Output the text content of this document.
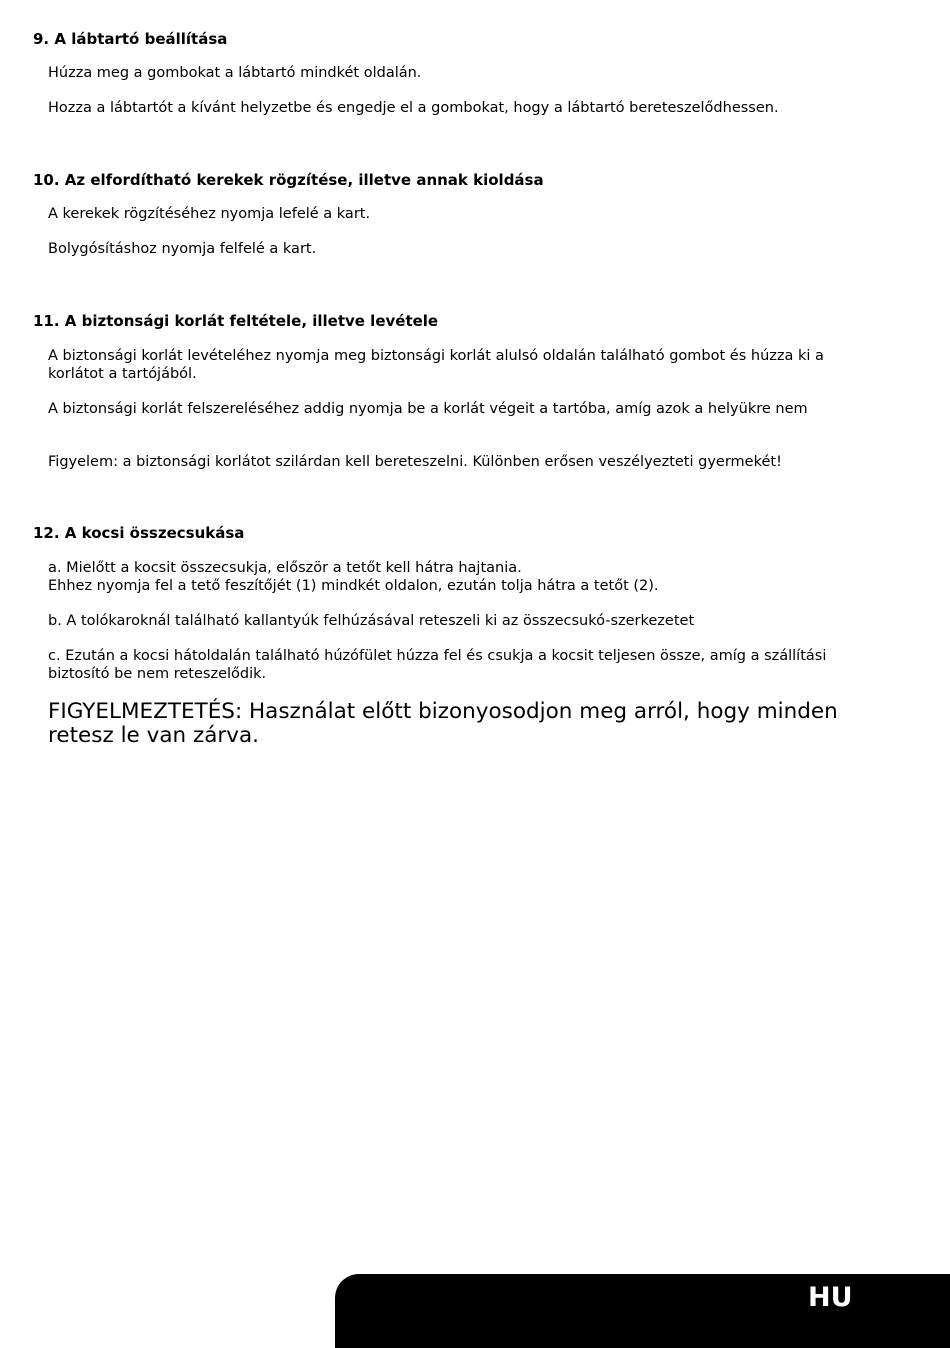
9. A lábtartó beállítása
Húzza meg a gombokat a lábtartó mindkét oldalán.
Hozza a lábtartót a kívánt helyzetbe és engedje el a gombokat, hogy a lábtartó bereteszelődhessen.
10. Az elfordítható kerekek rögzítése, illetve annak kioldása
A kerekek rögzítéséhez nyomja lefelé a kart.
Bolygósításhoz nyomja felfelé a kart.
11. A biztonsági korlát feltétele, illetve levétele
A biztonsági korlát levételéhez nyomja meg biztonsági korlát alulsó oldalán található gombot és húzza ki a
korlátot a tartójából.
A biztonsági korlát felszereléséhez addig nyomja be a korlát végeit a tartóba, amíg azok a helyükre nem
Figyelem: a biztonsági korlátot szilárdan kell bereteszelni. Különben erősen veszélyezteti gyermekét!
12. A kocsi összecsukása
a. Mielőtt a kocsit összecsukja, először a tetőt kell hátra hajtania.
Ehhez nyomja fel a tető feszítőjét (1) mindkét oldalon, ezután tolja hátra a tetőt (2).
b. A tolókaroknál található kallantyúk felhúzásával reteszeli ki az összecsukó-szerkezetet
c. Ezután a kocsi hátoldalán található húzófület húzza fel és csukja a kocsit teljesen össze, amíg a szállítási
biztosító be nem reteszelődik.
FIGYELMEZTETÉS: Használat előtt bizonyosodjon meg arról, hogy minden
retesz le van zárva.
HU
